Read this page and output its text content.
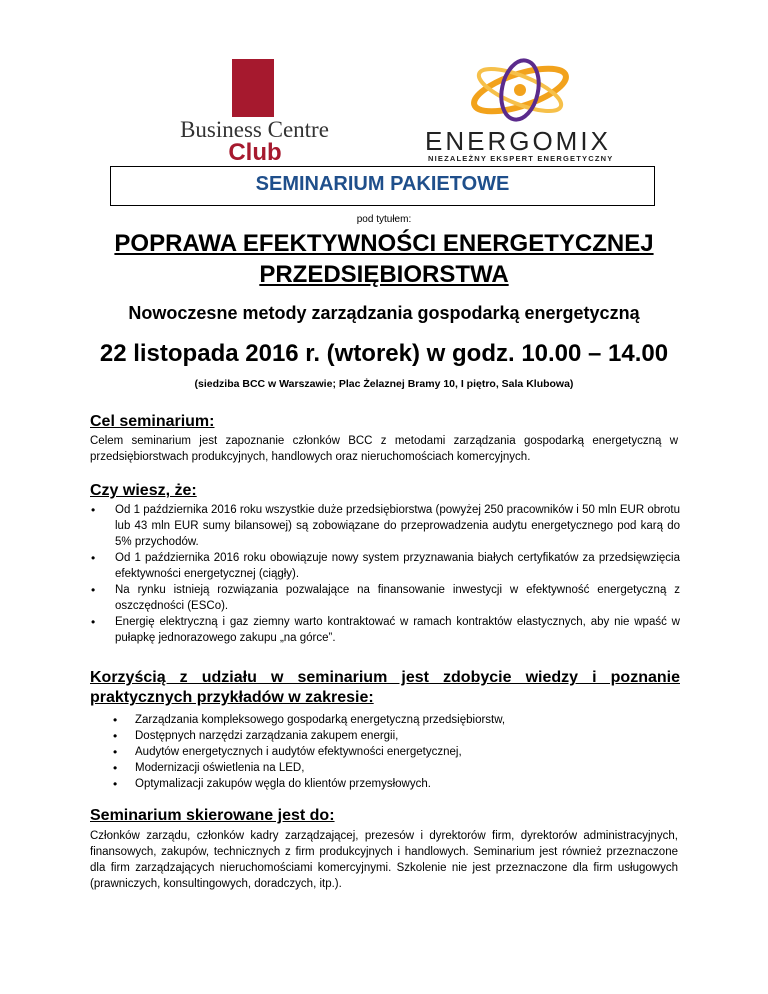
Business Centre
Club	ENERGOMIX
NIEZALEŻNY EKSPERT ENERGETYCZNY
SEMINARIUM PAKIETOWE
pod tytułem:
POPRAWA EFEKTYWNOŚCI ENERGETYCZNEJ
PRZEDSIĘBIORSTWA
Nowoczesne metody zarządzania gospodarką energetyczną
22 listopada 2016 r. (wtorek) w godz. 10.00 – 14.00
(siedziba BCC w Warszawie; Plac Żelaznej Bramy 10, I piętro, Sala Klubowa)
Cel seminarium:
Celem seminarium jest zapoznanie członków BCC z metodami zarządzania gospodarką energetyczną w przedsiębiorstwach produkcyjnych, handlowych oraz nieruchomościach komercyjnych.
Czy wiesz, że:
• Od 1 października 2016 roku wszystkie duże przedsiębiorstwa (powyżej 250 pracowników i 50 mln EUR obrotu lub 43 mln EUR sumy bilansowej) są zobowiązane do przeprowadzenia audytu energetycznego pod karą do 5% przychodów.
• Od 1 października 2016 roku obowiązuje nowy system przyznawania białych certyfikatów za przedsięwzięcia efektywności energetycznej (ciągły).
• Na rynku istnieją rozwiązania pozwalające na finansowanie inwestycji w efektywność energetyczną z oszczędności (ESCo).
• Energię elektryczną i gaz ziemny warto kontraktować w ramach kontraktów elastycznych, aby nie wpaść w pułapkę jednorazowego zakupu „na górce”.
Korzyścią z udziału w seminarium jest zdobycie wiedzy i poznanie praktycznych przykładów w zakresie:
• Zarządzania kompleksowego gospodarką energetyczną przedsiębiorstw,
• Dostępnych narzędzi zarządzania zakupem energii,
• Audytów energetycznych i audytów efektywności energetycznej,
• Modernizacji oświetlenia na LED,
• Optymalizacji zakupów węgla do klientów przemysłowych.
Seminarium skierowane jest do:
Członków zarządu, członków kadry zarządzającej, prezesów i dyrektorów firm, dyrektorów administracyjnych, finansowych, zakupów, technicznych z firm produkcyjnych i handlowych. Seminarium jest również przeznaczone dla firm zarządzających nieruchomościami komercyjnymi. Szkolenie nie jest przeznaczone dla firm usługowych (prawniczych, konsultingowych, doradczych, itp.).
